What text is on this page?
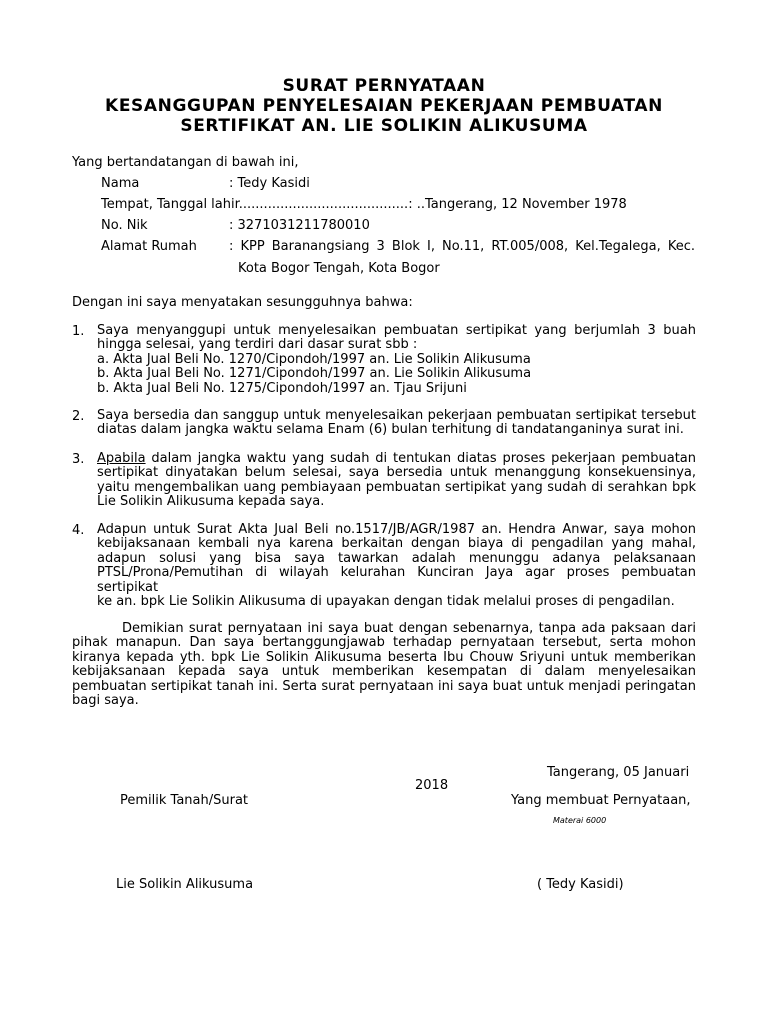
SURAT PERNYATAAN
KESANGGUPAN PENYELESAIAN PEKERJAAN PEMBUATAN
SERTIFIKAT AN. LIE SOLIKIN ALIKUSUMA
Yang bertandatangan di bawah ini,
Nama	: Tedy Kasidi
Tempat, Tanggal lahir.........................................: ..Tangerang, 12 November 1978
No. Nik	: 3271031211780010
Alamat Rumah : KPP Baranangsiang 3 Blok I, No.11, RT.005/008, Kel.Tegalega, Kec.
Kota Bogor Tengah, Kota Bogor
Dengan ini saya menyatakan sesungguhnya bahwa:
1. Saya menyanggupi untuk menyelesaikan pembuatan sertipikat yang berjumlah 3 buah
hingga selesai, yang terdiri dari dasar surat sbb :
a. Akta Jual Beli No. 1270/Cipondoh/1997 an. Lie Solikin Alikusuma
b. Akta Jual Beli No. 1271/Cipondoh/1997 an. Lie Solikin Alikusuma
b. Akta Jual Beli No. 1275/Cipondoh/1997 an. Tjau Srijuni
2. Saya bersedia dan sanggup untuk menyelesaikan pekerjaan pembuatan sertipikat tersebut
diatas dalam jangka waktu selama Enam (6) bulan terhitung di tandatanganinya surat ini.
3. Apabila dalam jangka waktu yang sudah di tentukan diatas proses pekerjaan pembuatan
sertipikat dinyatakan belum selesai, saya bersedia untuk menanggung konsekuensinya,
yaitu mengembalikan uang pembiayaan pembuatan sertipikat yang sudah di serahkan bpk
Lie Solikin Alikusuma kepada saya.
4. Adapun untuk Surat Akta Jual Beli no.1517/JB/AGR/1987 an. Hendra Anwar, saya mohon
kebijaksanaan kembali nya karena berkaitan dengan biaya di pengadilan yang mahal,
adapun solusi yang bisa saya tawarkan adalah menunggu adanya pelaksanaan
PTSL/Prona/Pemutihan di wilayah kelurahan Kunciran Jaya agar proses pembuatan sertipikat
ke an. bpk Lie Solikin Alikusuma di upayakan dengan tidak melalui proses di pengadilan.
Demikian surat pernyataan ini saya buat dengan sebenarnya, tanpa ada paksaan dari
pihak manapun. Dan saya bertanggungjawab terhadap pernyataan tersebut, serta mohon
kiranya kepada yth. bpk Lie Solikin Alikusuma beserta Ibu Chouw Sriyuni untuk memberikan
kebijaksanaan kepada saya untuk memberikan kesempatan di dalam menyelesaikan
pembuatan sertipikat tanah ini. Serta surat pernyataan ini saya buat untuk menjadi peringatan
bagi saya.
Tangerang, 05 Januari
2018
Pemilik Tanah/Surat	Yang membuat Pernyataan,
Materai 6000
Lie Solikin Alikusuma	( Tedy Kasidi)
